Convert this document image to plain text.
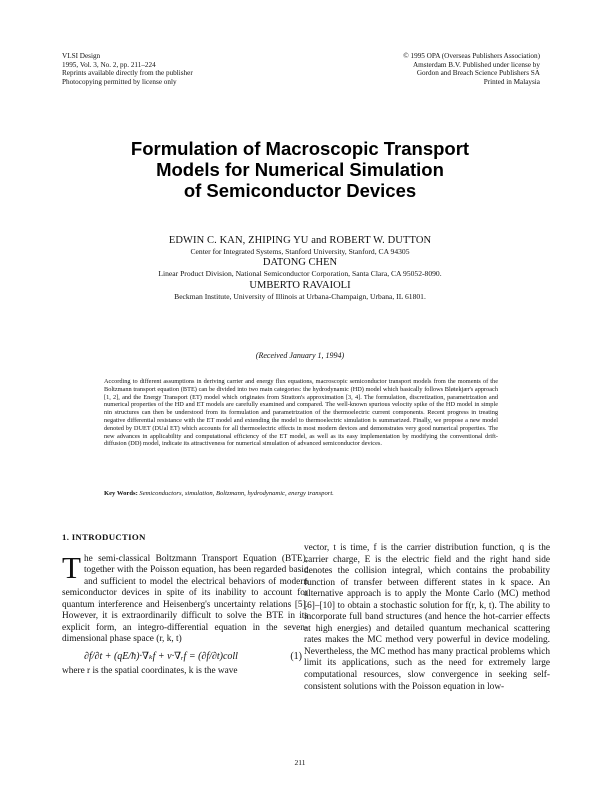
VLSI Design
1995, Vol. 3, No. 2, pp. 211–224
Reprints available directly from the publisher
Photocopying permitted by license only
© 1995 OPA (Overseas Publishers Association)
Amsterdam B.V. Published under license by
Gordon and Breach Science Publishers SA
Printed in Malaysia
Formulation of Macroscopic Transport
Models for Numerical Simulation
of Semiconductor Devices
EDWIN C. KAN, ZHIPING YU and ROBERT W. DUTTON
Center for Integrated Systems, Stanford University, Stanford, CA 94305
DATONG CHEN
Linear Product Division, National Semiconductor Corporation, Santa Clara, CA 95052-8090.
UMBERTO RAVAIOLI
Beckman Institute, University of Illinois at Urbana-Champaign, Urbana, IL 61801.
(Received January 1, 1994)
According to different assumptions in deriving carrier and energy flux equations, macroscopic semiconductor transport models from the moments of the Boltzmann transport equation (BTE) can be divided into two main categories: the hydrodynamic (HD) model which basically follows Bløtekjær's approach [1, 2], and the Energy Transport (ET) model which originates from Stratton's approximation [3, 4]. The formulation, discretization, parametrization and numerical properties of the HD and ET models are carefully examined and compared. The well-known spurious velocity spike of the HD model in simple nin structures can then be understood from its formulation and parametrization of the thermoelectric current components. Recent progress in treating negative differential resistance with the ET model and extending the model to thermoelectric simulation is summarized. Finally, we propose a new model denoted by DUET (DUal ET) which accounts for all thermoelectric effects in most modern devices and demonstrates very good numerical properties. The new advances in applicability and computational efficiency of the ET model, as well as its easy implementation by modifying the conventional drift-diffusion (DD) model, indicate its attractiveness for numerical simulation of advanced semiconductor devices.
Key Words: Semiconductors, simulation, Boltzmann, hydrodynamic, energy transport.
1. INTRODUCTION
The semi-classical Boltzmann Transport Equation (BTE), together with the Poisson equation, has been regarded basic and sufficient to model the electrical behaviors of modern semiconductor devices in spite of its inability to account for quantum interference and Heisenberg's uncertainty relations [5]. However, it is extraordinarily difficult to solve the BTE in its explicit form, an integro-differential equation in the seven-dimensional phase space (r, k, t)
∂f/∂t + (qE/ħ)·∇ₖf + v·∇ᵣf = (∂f/∂t)coll	(1)
where r is the spatial coordinates, k is the wave
vector, t is time, f is the carrier distribution function, q is the carrier charge, E is the electric field and the right hand side denotes the collision integral, which contains the probability function of transfer between different states in k space. An alternative approach is to apply the Monte Carlo (MC) method [6]–[10] to obtain a stochastic solution for f(r, k, t). The ability to incorporate full band structures (and hence the hot-carrier effects at high energies) and detailed quantum mechanical scattering rates makes the MC method very powerful in device modeling. Nevertheless, the MC method has many practical problems which limit its applications, such as the need for extremely large computational resources, slow convergence in seeking self-consistent solutions with the Poisson equation in low-
211
